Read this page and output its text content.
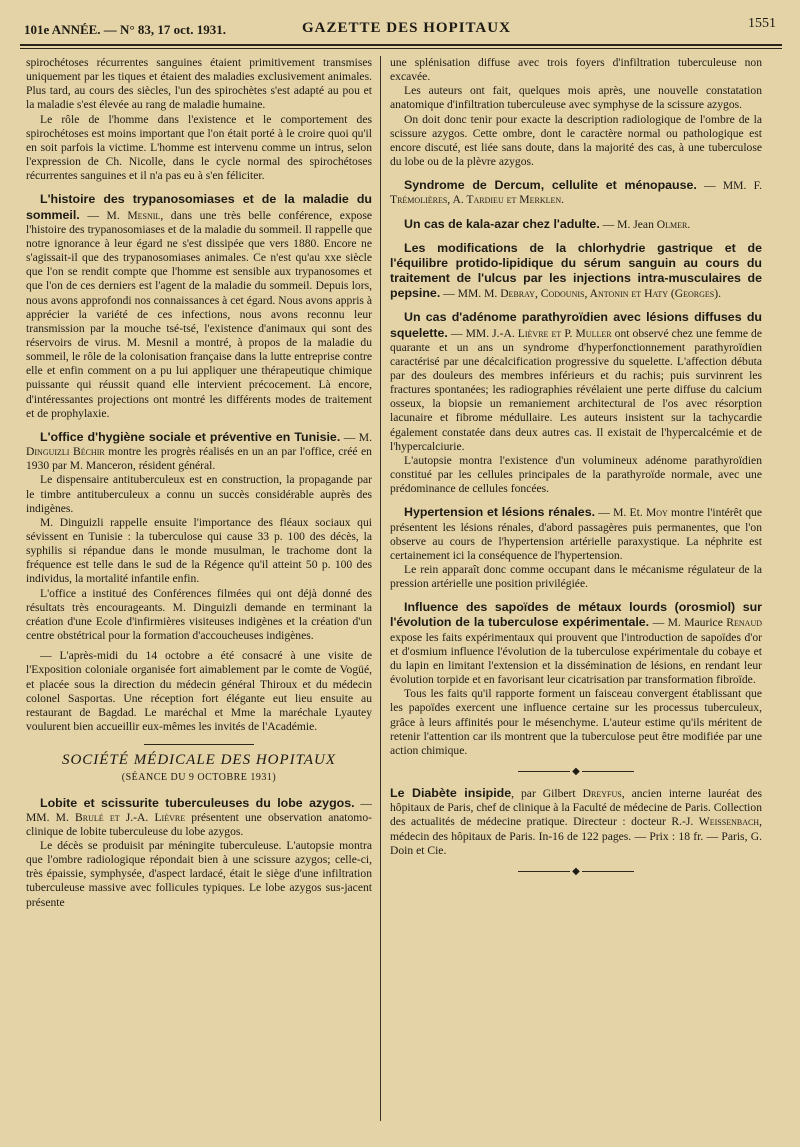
101e ANNÉE. — N° 83, 17 oct. 1931.	GAZETTE DES HOPITAUX	1551

spirochétoses récurrentes sanguines étaient primitivement transmises uniquement par les tiques et étaient des maladies exclusivement animales. Plus tard, au cours des siècles, l'un des spirochètes s'est adapté au pou et la maladie s'est élevée au rang de maladie humaine.

Le rôle de l'homme dans l'existence et le comportement des spirochétoses est moins important que l'on était porté à le croire quoi qu'il en soit parfois la victime. L'homme est intervenu comme un intrus, selon l'expression de Ch. Nicolle, dans le cycle normal des spirochétoses récurrentes sanguines et il n'a pas eu à s'en féliciter.

L'histoire des trypanosomiases et de la maladie du sommeil. — M. Mesnil, dans une très belle conférence, expose l'histoire des trypanosomiases et de la maladie du sommeil. Il rappelle que notre ignorance à leur égard ne s'est dissipée que vers 1880. Encore ne s'agissait-il que des trypanosomiases animales. Ce n'est qu'au xxe siècle que l'on se rendit compte que l'homme est sensible aux trypanosomes et que l'on de ces derniers est l'agent de la maladie du sommeil. Depuis lors, nous avons approfondi nos connaissances à cet égard. Nous avons appris à apprécier la variété de ces infections, nous avons reconnu leur transmission par la mouche tsé-tsé, l'existence d'animaux qui sont des réservoirs de virus. M. Mesnil a montré, à propos de la maladie du sommeil, le rôle de la colonisation française dans la lutte entreprise contre elle et enfin comment on a pu lui appliquer une thérapeutique chimique puissante qui réussit quand elle intervient précocement. Là encore, d'intéressantes projections ont montré les différents modes de traitement et de prophylaxie.

L'office d'hygiène sociale et préventive en Tunisie. — M. Dinguizli Béchir montre les progrès réalisés en un an par l'office, créé en 1930 par M. Manceron, résident général.

Le dispensaire antituberculeux est en construction, la propagande par le timbre antituberculeux a connu un succès considérable auprès des indigènes.

M. Dinguizli rappelle ensuite l'importance des fléaux sociaux qui sévissent en Tunisie : la tuberculose qui cause 33 p. 100 des décès, la syphilis si répandue dans le monde musulman, le trachome dont la fréquence est telle dans le sud de la Régence qu'il atteint 50 p. 100 des individus, la mortalité infantile enfin.

L'office a institué des Conférences filmées qui ont déjà donné des résultats très encourageants. M. Dinguizli demande en terminant la création d'une Ecole d'infirmières visiteuses indigènes et la création d'un centre obstétrical pour la formation d'accoucheuses indigènes.

— L'après-midi du 14 octobre a été consacré à une visite de l'Exposition coloniale organisée fort aimablement par le comte de Vogüé, et placée sous la direction du médecin général Thiroux et du médecin colonel Sasportas. Une réception fort élégante eut lieu ensuite au restaurant de Bagdad. Le maréchal et Mme la maréchale Lyautey voulurent bien accueillir eux-mêmes les invités de l'Académie.

SOCIÉTÉ MÉDICALE DES HOPITAUX
(SÉANCE DU 9 OCTOBRE 1931)

Lobite et scissurite tuberculeuses du lobe azygos. — MM. M. Brulé et J.-A. Lièvre présentent une observation anatomo-clinique de lobite tuberculeuse du lobe azygos.

Le décès se produisit par méningite tuberculeuse. L'autopsie montra que l'ombre radiologique répondait bien à une scissure azygos; celle-ci, très épaissie, symphysée, d'aspect lardacé, était le siège d'une infiltration tuberculeuse massive avec follicules typiques. Le lobe azygos sus-jacent présente

une splénisation diffuse avec trois foyers d'infiltration tuberculeuse non excavée.

Les auteurs ont fait, quelques mois après, une nouvelle constatation anatomique d'infiltration tuberculeuse avec symphyse de la scissure azygos.

On doit donc tenir pour exacte la description radiologique de l'ombre de la scissure azygos. Cette ombre, dont le caractère normal ou pathologique est encore discuté, est liée sans doute, dans la majorité des cas, à une tuberculose du lobe ou de la plèvre azygos.

Syndrome de Dercum, cellulite et ménopause. — MM. F. Trémolières, A. Tardieu et Merklen.

Un cas de kala-azar chez l'adulte. — M. Jean Olmer.

Les modifications de la chlorhydrie gastrique et de l'équilibre protido-lipidique du sérum sanguin au cours du traitement de l'ulcus par les injections intra-musculaires de pepsine. — MM. M. Debray, Codounis, Antonin et Haty (Georges).

Un cas d'adénome parathyroïdien avec lésions diffuses du squelette. — MM. J.-A. Lièvre et P. Muller ont observé chez une femme de quarante et un ans un syndrome d'hyperfonctionnement parathyroïdien caractérisé par une décalcification progressive du squelette. L'affection débuta par des douleurs des membres inférieurs et du rachis; puis survinrent les fractures spontanées; les radiographies révélaient une perte diffuse du calcium osseux, la biopsie un remaniement architectural de l'os avec résorption lacunaire et fibrome médullaire. Les auteurs insistent sur la tachycardie également constatée dans deux autres cas. Il existait de l'hypercalcémie et de l'hypercalciurie.

L'autopsie montra l'existence d'un volumineux adénome parathyroïdien constitué par les cellules principales de la parathyroïde normale, avec une prédominance de cellules foncées.

Hypertension et lésions rénales. — M. Et. Moy montre l'intérêt que présentent les lésions rénales, d'abord passagères puis permanentes, que l'on observe au cours de l'hypertension artérielle paraxystique. La néphrite est certainement ici la conséquence de l'hypertension.

Le rein apparaît donc comme occupant dans le mécanisme régulateur de la pression artérielle une position privilégiée.

Influence des sapoïdes de métaux lourds (orosmiol) sur l'évolution de la tuberculose expérimentale. — M. Maurice Renaud expose les faits expérimentaux qui prouvent que l'introduction de sapoïdes d'or et d'osmium influence l'évolution de la tuberculose expérimentale du cobaye et du lapin en limitant l'extension et la dissémination de lésions, en rendant leur évolution torpide et en favorisant leur cicatrisation par transformation fibroïde.

Tous les faits qu'il rapporte forment un faisceau convergent établissant que les papoïdes exercent une influence certaine sur les processus tuberculeux, grâce à leurs affinités pour le mésenchyme. L'auteur estime qu'ils méritent de retenir l'attention car ils montrent que la tuberculose peut être modifiée par une action chimique.

◆

Le Diabète insipide, par Gilbert Dreyfus, ancien interne lauréat des hôpitaux de Paris, chef de clinique à la Faculté de médecine de Paris. Collection des actualités de médecine pratique. Directeur : docteur R.-J. Weissenbach, médecin des hôpitaux de Paris. In-16 de 122 pages. — Prix : 18 fr. — Paris, G. Doin et Cie.

◆
